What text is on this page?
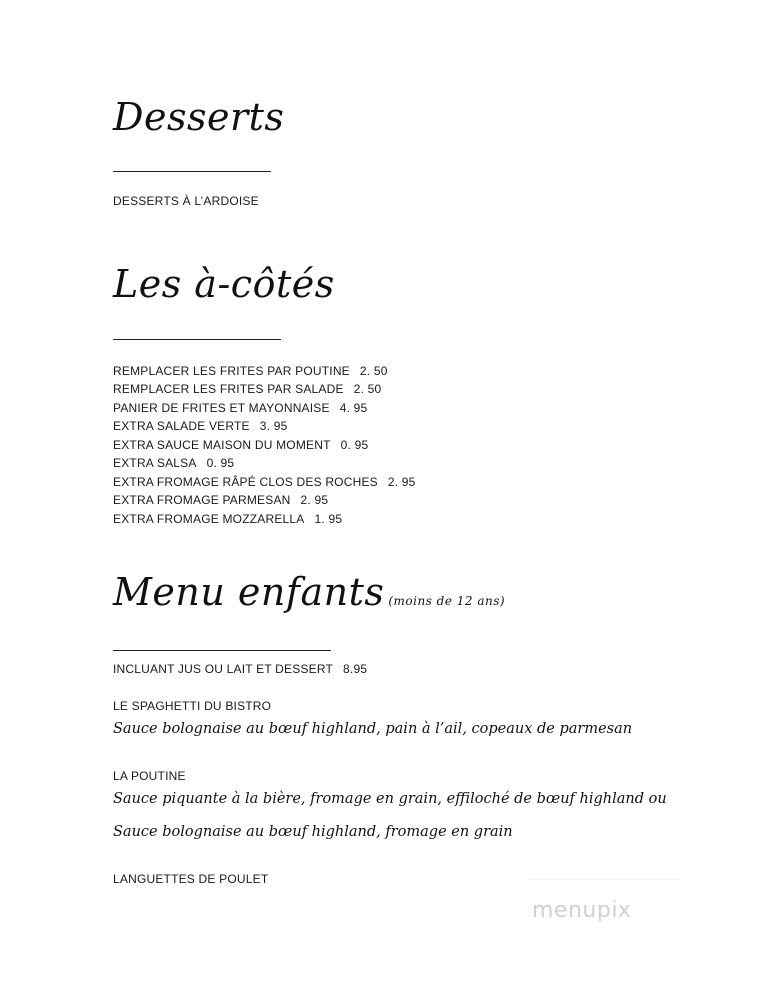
Desserts
DESSERTS À L’ARDOISE
Les à-côtés
REMPLACER LES FRITES PAR POUTINE 2. 50
REMPLACER LES FRITES PAR SALADE 2. 50
PANIER DE FRITES ET MAYONNAISE 4. 95
EXTRA SALADE VERTE 3. 95
EXTRA SAUCE MAISON DU MOMENT 0. 95
EXTRA SALSA 0. 95
EXTRA FROMAGE RÂPÉ CLOS DES ROCHES 2. 95
EXTRA FROMAGE PARMESAN 2. 95
EXTRA FROMAGE MOZZARELLA 1. 95
Menu enfants (moins de 12 ans)
INCLUANT JUS OU LAIT ET DESSERT 8.95
LE SPAGHETTI DU BISTRO
Sauce bolognaise au bœuf highland, pain à l’ail, copeaux de parmesan
LA POUTINE
Sauce piquante à la bière, fromage en grain, effiloché de bœuf highland ou
Sauce bolognaise au bœuf highland, fromage en grain
LANGUETTES DE POULET
menupix
